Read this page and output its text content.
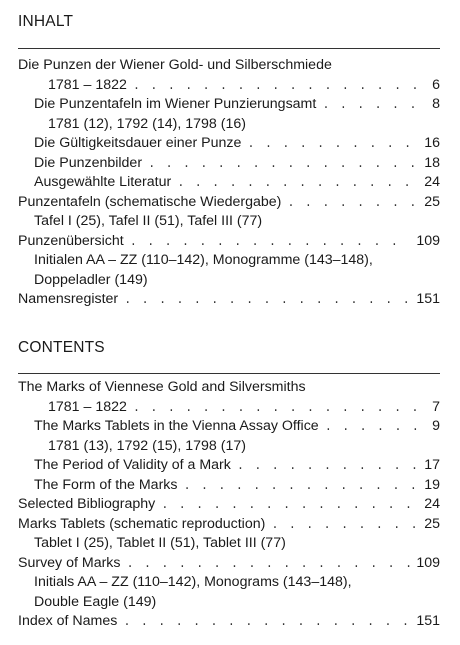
INHALT
Die Punzen der Wiener Gold- und Silberschmiede
1781 – 1822 . . .	6
Die Punzentafeln im Wiener Punzierungsamt . . .	8
1781 (12), 1792 (14), 1798 (16)
Die Gültigkeitsdauer einer Punze . . .	16
Die Punzenbilder . . .	18
Ausgewählte Literatur . . .	24
Punzentafeln (schematische Wiedergabe) . . .	25
Tafel I (25), Tafel II (51), Tafel III (77)
Punzenübersicht . . .	109
Initialen AA – ZZ (110–142), Monogramme (143–148),
Doppeladler (149)
Namensregister . . .	151
CONTENTS
The Marks of Viennese Gold and Silversmiths
1781 – 1822 . . .	7
The Marks Tablets in the Vienna Assay Office . . .	9
1781 (13), 1792 (15), 1798 (17)
The Period of Validity of a Mark . . .	17
The Form of the Marks . . .	19
Selected Bibliography . . .	24
Marks Tablets (schematic reproduction) . . .	25
Tablet I (25), Tablet II (51), Tablet III (77)
Survey of Marks . . .	109
Initials AA – ZZ (110–142), Monograms (143–148),
Double Eagle (149)
Index of Names . . .	151
